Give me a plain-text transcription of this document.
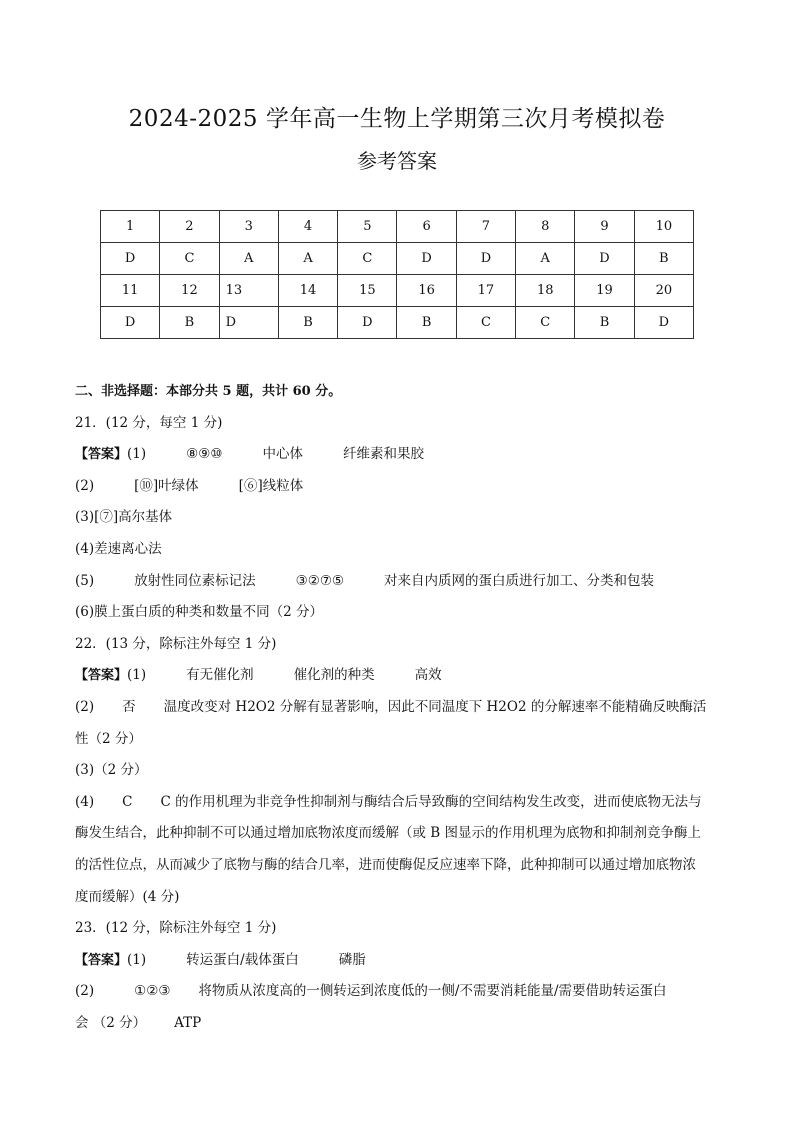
2024-2025 学年高一生物上学期第三次月考模拟卷
参考答案
1	2	3	4	5	6	7	8	9	10
D	C	A	A	C	D	D	A	D	B
11	12	13	14	15	16	17	18	19	20
D	B	D	B	D	B	C	C	B	D
二、非选择题：本部分共 5 题，共计 60 分。
21．(12 分，每空 1 分)
【答案】(1)	⑧⑨⑩	中心体	纤维素和果胶
(2)	[⑩]叶绿体	[⑥]线粒体
(3)[⑦]高尔基体
(4)差速离心法
(5)	放射性同位素标记法	③②⑦⑤	对来自内质网的蛋白质进行加工、分类和包装
(6)膜上蛋白质的种类和数量不同（2 分）
22．(13 分，除标注外每空 1 分)
【答案】(1)	有无催化剂	催化剂的种类	高效
(2) 否 温度改变对 H2O2 分解有显著影响，因此不同温度下 H2O2 的分解速率不能精确反映酶活
性（2 分）
(3)（2 分）
(4) C C 的作用机理为非竞争性抑制剂与酶结合后导致酶的空间结构发生改变，进而使底物无法与
酶发生结合，此种抑制不可以通过增加底物浓度而缓解（或 B 图显示的作用机理为底物和抑制剂竞争酶上
的活性位点，从而减少了底物与酶的结合几率，进而使酶促反应速率下降，此种抑制可以通过增加底物浓
度而缓解）(4 分)
23．(12 分，除标注外每空 1 分)
【答案】(1)	转运蛋白/载体蛋白	磷脂
(2)	①②③ 将物质从浓度高的一侧转运到浓度低的一侧/不需要消耗能量/需要借助转运蛋白
会 （2 分） ATP
